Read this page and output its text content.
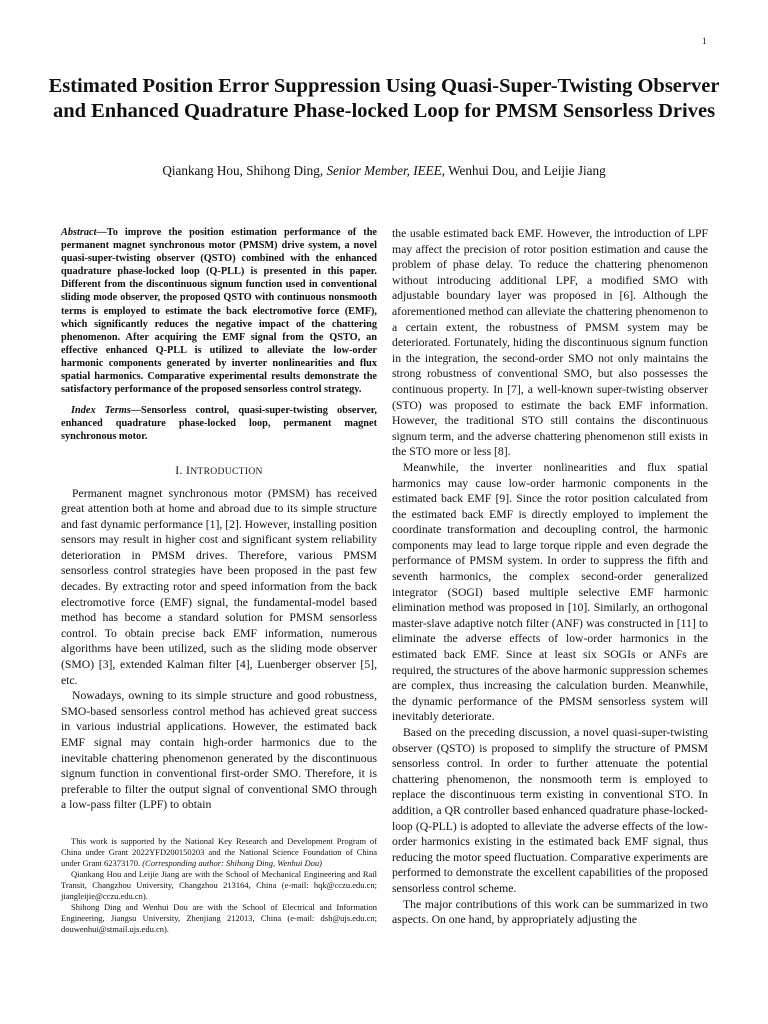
1
Estimated Position Error Suppression Using Quasi-Super-Twisting Observer and Enhanced Quadrature Phase-locked Loop for PMSM Sensorless Drives
Qiankang Hou, Shihong Ding, Senior Member, IEEE, Wenhui Dou, and Leijie Jiang

Abstract—To improve the position estimation performance of the permanent magnet synchronous motor (PMSM) drive system, a novel quasi-super-twisting observer (QSTO) combined with the enhanced quadrature phase-locked loop (Q-PLL) is presented in this paper. Different from the discontinuous signum function used in conventional sliding mode observer, the proposed QSTO with continuous nonsmooth terms is employed to estimate the back electromotive force (EMF), which significantly reduces the negative impact of the chattering phenomenon. After acquiring the EMF signal from the QSTO, an effective enhanced Q-PLL is utilized to alleviate the low-order harmonic components generated by inverter nonlinearities and flux spatial harmonics. Comparative experimental results demonstrate the satisfactory performance of the proposed sensorless control strategy.

Index Terms—Sensorless control, quasi-super-twisting observer, enhanced quadrature phase-locked loop, permanent magnet synchronous motor.

I. INTRODUCTION

Permanent magnet synchronous motor (PMSM) has received great attention both at home and abroad due to its simple structure and fast dynamic performance [1], [2]. However, installing position sensors may result in higher cost and significant system reliability deterioration in PMSM drives. Therefore, various PMSM sensorless control strategies have been proposed in the past few decades. By extracting rotor and speed information from the back electromotive force (EMF) signal, the fundamental-model based method has become a standard solution for PMSM sensorless control. To obtain precise back EMF information, numerous algorithms have been utilized, such as the sliding mode observer (SMO) [3], extended Kalman filter [4], Luenberger observer [5], etc.

Nowadays, owning to its simple structure and good robustness, SMO-based sensorless control method has achieved great success in various industrial applications. However, the estimated back EMF signal may contain high-order harmonics due to the inevitable chattering phenomenon generated by the discontinuous signum function in conventional first-order SMO. Therefore, it is preferable to filter the output signal of conventional SMO through a low-pass filter (LPF) to obtain

This work is supported by the National Key Research and Development Program of China under Grant 2022YFD200150203 and the National Science Foundation of China under Grant 62373170. (Corresponding author: Shihong Ding, Wenhui Dou)

Qiankang Hou and Leijie Jiang are with the School of Mechanical Engineering and Rail Transit, Changzhou University, Changzhou 213164, China (e-mail: hqk@cczu.edu.cn; jiangleijie@cczu.edu.cn).

Shihong Ding and Wenhui Dou are with the School of Electrical and Information Engineering, Jiangsu University, Zhenjiang 212013, China (e-mail: dsh@ujs.edu.cn; douwenhui@stmail.ujs.edu.cn).

the usable estimated back EMF. However, the introduction of LPF may affect the precision of rotor position estimation and cause the problem of phase delay. To reduce the chattering phenomenon without introducing additional LPF, a modified SMO with adjustable boundary layer was proposed in [6]. Although the aforementioned method can alleviate the chattering phenomenon to a certain extent, the robustness of PMSM system may be deteriorated. Fortunately, hiding the discontinuous signum function in the integration, the second-order SMO not only maintains the strong robustness of conventional SMO, but also possesses the continuous property. In [7], a well-known super-twisting observer (STO) was proposed to estimate the back EMF information. However, the traditional STO still contains the discontinuous signum term, and the adverse chattering phenomenon still exists in the STO more or less [8].

Meanwhile, the inverter nonlinearities and flux spatial harmonics may cause low-order harmonic components in the estimated back EMF [9]. Since the rotor position calculated from the estimated back EMF is directly employed to implement the coordinate transformation and decoupling control, the harmonic components may lead to large torque ripple and even degrade the performance of PMSM system. In order to suppress the fifth and seventh harmonics, the complex second-order generalized integrator (SOGI) based multiple selective EMF harmonic elimination method was proposed in [10]. Similarly, an orthogonal master-slave adaptive notch filter (ANF) was constructed in [11] to eliminate the adverse effects of low-order harmonics in the estimated back EMF. Since at least six SOGIs or ANFs are required, the structures of the above harmonic suppression schemes are complex, thus increasing the calculation burden. Meanwhile, the dynamic performance of the PMSM sensorless system will inevitably deteriorate.

Based on the preceding discussion, a novel quasi-super-twisting observer (QSTO) is proposed to simplify the structure of PMSM sensorless control. In order to further attenuate the potential chattering phenomenon, the nonsmooth term is employed to replace the discontinuous term existing in conventional STO. In addition, a QR controller based enhanced quadrature phase-locked-loop (Q-PLL) is adopted to alleviate the adverse effects of the low-order harmonics existing in the estimated back EMF signal, thus reducing the motor speed fluctuation. Comparative experiments are performed to demonstrate the excellent capabilities of the proposed sensorless control scheme.

The major contributions of this work can be summarized in two aspects. On one hand, by appropriately adjusting the
